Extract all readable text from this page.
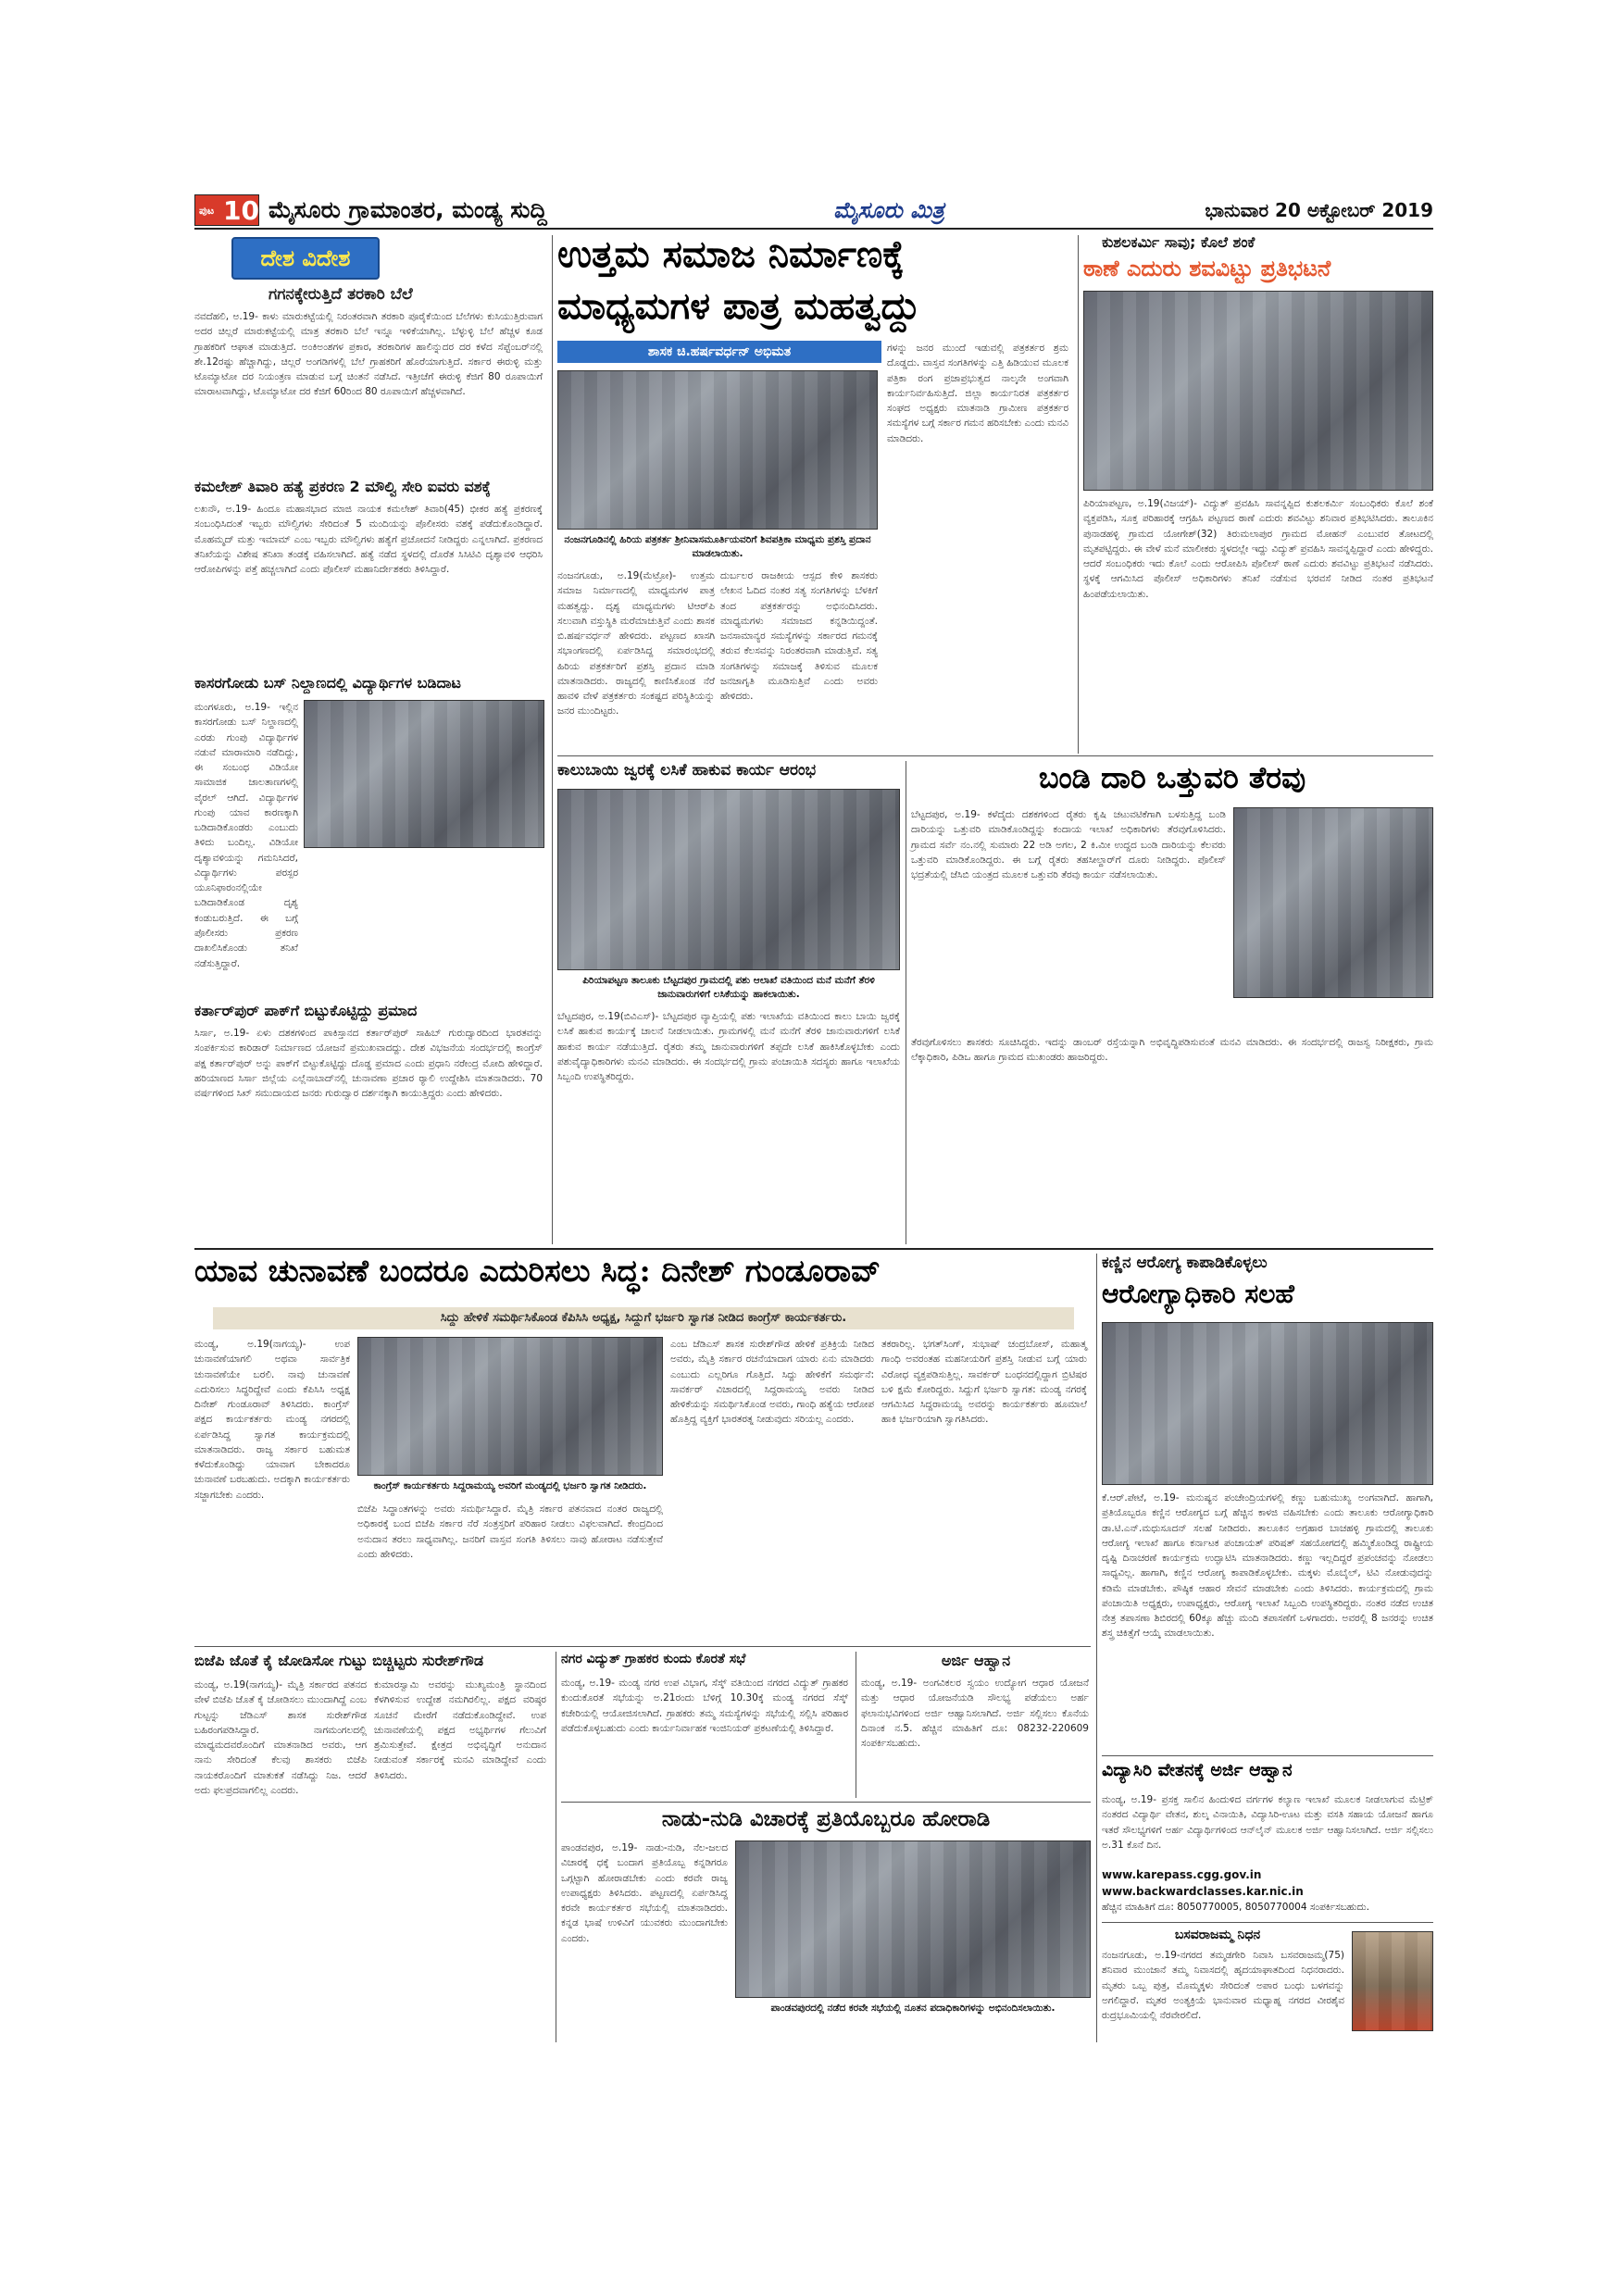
ಪುಟ 10 ಮೈಸೂರು ಗ್ರಾಮಾಂತರ, ಮಂಡ್ಯ ಸುದ್ದಿ	ಮೈಸೂರು ಮಿತ್ರ	ಭಾನುವಾರ 20 ಅಕ್ಟೋಬರ್ 2019
ದೇಶ ವಿದೇಶ
ಗಗನಕ್ಕೇರುತ್ತಿದೆ ತರಕಾರಿ ಬೆಲೆ
ನವದೆಹಲಿ, ಅ.19- ಕಾಳು ಮಾರುಕಟ್ಟೆಯಲ್ಲಿ ನಿರಂತರವಾಗಿ ತರಕಾರಿ ಪೂರೈಕೆಯಿಂದ ಬೆಲೆಗಳು ಕುಸಿಯುತ್ತಿರುವಾಗ ಅದರ ಚಿಲ್ಲರೆ ಮಾರುಕಟ್ಟೆಯಲ್ಲಿ ಮಾತ್ರ ತರಕಾರಿ ಬೆಲೆ ಇನ್ನೂ ಇಳಿಕೆಯಾಗಿಲ್ಲ. ಬೆಳ್ಳುಳ್ಳಿ ಬೆಲೆ ಹೆಚ್ಚಳ ಕೂಡ ಗ್ರಾಹಕರಿಗೆ ಆಘಾತ ಮಾಡುತ್ತಿದೆ. ಅಂಕಿಅಂಶಗಳ ಪ್ರಕಾರ, ತರಕಾರಿಗಳ ಹಾಲಿನ್ನುದರ ದರ ಕಳೆದ ಸೆಪ್ಟೆಂಬರ್‌ನಲ್ಲಿ ಶೇ.12ರಷ್ಟು ಹೆಚ್ಚಾಗಿದ್ದು, ಚಿಲ್ಲರೆ ಅಂಗಡಿಗಳಲ್ಲಿ ಬೆಲೆ ಗ್ರಾಹಕರಿಗೆ ಹೊರೆಯಾಗುತ್ತಿದೆ. ಸರ್ಕಾರ ಈರುಳ್ಳಿ ಮತ್ತು ಟೊಮ್ಯಾಟೋ ದರ ನಿಯಂತ್ರಣ ಮಾಡುವ ಬಗ್ಗೆ ಚಿಂತನೆ ನಡೆಸಿದೆ. ಇತ್ತೀಚೆಗೆ ಈರುಳ್ಳಿ ಕೆಜಿಗೆ 80 ರೂಪಾಯಿಗೆ ಮಾರಾಟವಾಗಿದ್ದು, ಟೊಮ್ಯಾಟೋ ದರ ಕೆಜಿಗೆ 60ರಿಂದ 80 ರೂಪಾಯಿಗೆ ಹೆಚ್ಚಳವಾಗಿದೆ.
ಕಮಲೇಶ್ ತಿವಾರಿ ಹತ್ಯೆ ಪ್ರಕರಣ 2 ಮೌಲ್ವಿ ಸೇರಿ ಐವರು ವಶಕ್ಕೆ
ಲಖನೌ, ಅ.19- ಹಿಂದೂ ಮಹಾಸಭಾದ ಮಾಜಿ ನಾಯಕ ಕಮಲೇಶ್ ತಿವಾರಿ(45) ಭೀಕರ ಹತ್ಯೆ ಪ್ರಕರಣಕ್ಕೆ ಸಂಬಂಧಿಸಿದಂತೆ ಇಬ್ಬರು ಮೌಲ್ವಿಗಳು ಸೇರಿದಂತೆ 5 ಮಂದಿಯನ್ನು ಪೊಲೀಸರು ವಶಕ್ಕೆ ಪಡೆದುಕೊಂಡಿದ್ದಾರೆ. ಮೊಹಮ್ಮದ್ ಮತ್ತು ಇಮಾಮ್ ಎಂಬ ಇಬ್ಬರು ಮೌಲ್ವಿಗಳು ಹತ್ಯೆಗೆ ಪ್ರಚೋದನೆ ನೀಡಿದ್ದರು ಎನ್ನಲಾಗಿದೆ. ಪ್ರಕರಣದ ತನಿಖೆಯನ್ನು ವಿಶೇಷ ತನಿಖಾ ತಂಡಕ್ಕೆ ವಹಿಸಲಾಗಿದೆ. ಹತ್ಯೆ ನಡೆದ ಸ್ಥಳದಲ್ಲಿ ದೊರೆತ ಸಿಸಿಟಿವಿ ದೃಶ್ಯಾವಳಿ ಆಧರಿಸಿ ಆರೋಪಿಗಳನ್ನು ಪತ್ತೆ ಹಚ್ಚಲಾಗಿದೆ ಎಂದು ಪೊಲೀಸ್ ಮಹಾನಿರ್ದೇಶಕರು ತಿಳಿಸಿದ್ದಾರೆ.
ಕಾಸರಗೋಡು ಬಸ್ ನಿಲ್ದಾಣದಲ್ಲಿ ವಿದ್ಯಾರ್ಥಿಗಳ ಬಡಿದಾಟ
ಮಂಗಳೂರು, ಅ.19- ಇಲ್ಲಿನ ಕಾಸರಗೋಡು ಬಸ್ ನಿಲ್ದಾಣದಲ್ಲಿ ಎರಡು ಗುಂಪು ವಿದ್ಯಾರ್ಥಿಗಳ ನಡುವೆ ಮಾರಾಮಾರಿ ನಡೆದಿದ್ದು, ಈ ಸಂಬಂಧ ವಿಡಿಯೋ ಸಾಮಾಜಿಕ ಜಾಲತಾಣಗಳಲ್ಲಿ ವೈರಲ್ ಆಗಿದೆ. ವಿದ್ಯಾರ್ಥಿಗಳ ಗುಂಪು ಯಾವ ಕಾರಣಕ್ಕಾಗಿ ಬಡಿದಾಡಿಕೊಂಡರು ಎಂಬುದು ತಿಳಿದು ಬಂದಿಲ್ಲ. ವಿಡಿಯೋ ದೃಶ್ಯಾವಳಿಯನ್ನು ಗಮನಿಸಿದರೆ, ವಿದ್ಯಾರ್ಥಿಗಳು ಪರಸ್ಪರ ಯೂನಿಫಾರಂನಲ್ಲಿಯೇ ಬಡಿದಾಡಿಕೊಂಡ ದೃಶ್ಯ ಕಂಡುಬರುತ್ತಿದೆ. ಈ ಬಗ್ಗೆ ಪೊಲೀಸರು ಪ್ರಕರಣ ದಾಖಲಿಸಿಕೊಂಡು ತನಿಖೆ ನಡೆಸುತ್ತಿದ್ದಾರೆ.
ಕರ್ತಾರ್‌ಪುರ್ ಪಾಕ್‌ಗೆ ಬಿಟ್ಟುಕೊಟ್ಟಿದ್ದು ಪ್ರಮಾದ
ಸಿರ್ಸಾ, ಅ.19- ಏಳು ದಶಕಗಳಿಂದ ಪಾಕಿಸ್ತಾನದ ಕರ್ತಾರ್‌ಪುರ್ ಸಾಹಿಬ್ ಗುರುದ್ವಾರದಿಂದ ಭಾರತವನ್ನು ಸಂಪರ್ಕಿಸುವ ಕಾರಿಡಾರ್ ನಿರ್ಮಾಣದ ಯೋಜನೆ ಪ್ರಮುಖವಾದದ್ದು. ದೇಶ ವಿಭಜನೆಯ ಸಂದರ್ಭದಲ್ಲಿ ಕಾಂಗ್ರೆಸ್ ಪಕ್ಷ ಕರ್ತಾರ್‌ಪುರ್ ಅನ್ನು ಪಾಕ್‌ಗೆ ಬಿಟ್ಟುಕೊಟ್ಟಿದ್ದು ದೊಡ್ಡ ಪ್ರಮಾದ ಎಂದು ಪ್ರಧಾನಿ ನರೇಂದ್ರ ಮೋದಿ ಹೇಳಿದ್ದಾರೆ. ಹರಿಯಾಣದ ಸಿರ್ಸಾ ಜಿಲ್ಲೆಯ ಎಲ್ಲೆನಾಬಾದ್‌ನಲ್ಲಿ ಚುನಾವಣಾ ಪ್ರಚಾರ ರ್‍ಯಾಲಿ ಉದ್ದೇಶಿಸಿ ಮಾತನಾಡಿದರು. 70 ವರ್ಷಗಳಿಂದ ಸಿಖ್ ಸಮುದಾಯದ ಜನರು ಗುರುದ್ವಾರ ದರ್ಶನಕ್ಕಾಗಿ ಕಾಯುತ್ತಿದ್ದರು ಎಂದು ಹೇಳಿದರು.
ಉತ್ತಮ ಸಮಾಜ ನಿರ್ಮಾಣಕ್ಕೆ
ಮಾಧ್ಯಮಗಳ ಪಾತ್ರ ಮಹತ್ವದ್ದು
ಶಾಸಕ ಚಿ.ಹರ್ಷವರ್ಧನ್ ಅಭಿಮತ
ನಂಜನಗೂಡಿನಲ್ಲಿ ಹಿರಿಯ ಪತ್ರಕರ್ತ ಶ್ರೀನಿವಾಸಮೂರ್ತಿಯವರಿಗೆ ಶಿವಪತ್ರಿಕಾ ಮಾಧ್ಯಮ ಪ್ರಶಸ್ತಿ ಪ್ರದಾನ ಮಾಡಲಾಯಿತು.
ನಂಜನಗೂಡು, ಅ.19(ಮೆಟ್ರೋ)- ಉತ್ತಮ ಸಮಾಜ ನಿರ್ಮಾಣದಲ್ಲಿ ಮಾಧ್ಯಮಗಳ ಪಾತ್ರ ಮಹತ್ವದ್ದು. ದೃಶ್ಯ ಮಾಧ್ಯಮಗಳು ಟಿಆರ್‌ಪಿ ಸಲುವಾಗಿ ವಸ್ತುಸ್ಥಿತಿ ಮರೆಮಾಚುತ್ತಿವೆ ಎಂದು ಶಾಸಕ ಬಿ.ಹರ್ಷವರ್ಧನ್ ಹೇಳಿದರು. ಪಟ್ಟಣದ ಖಾಸಗಿ ಸಭಾಂಗಣದಲ್ಲಿ ಏರ್ಪಡಿಸಿದ್ದ ಸಮಾರಂಭದಲ್ಲಿ ಹಿರಿಯ ಪತ್ರಕರ್ತರಿಗೆ ಪ್ರಶಸ್ತಿ ಪ್ರದಾನ ಮಾಡಿ ಮಾತನಾಡಿದರು. ರಾಜ್ಯದಲ್ಲಿ ಕಾಣಿಸಿಕೊಂಡ ನೆರೆ ಹಾವಳಿ ವೇಳೆ ಪತ್ರಕರ್ತರು ಸಂಕಷ್ಟದ ಪರಿಸ್ಥಿತಿಯನ್ನು ಜನರ ಮುಂದಿಟ್ಟರು.
ದುರ್ಬಲರ ರಾಜಕೀಯ ಆಸ್ಪದ ಕೇಳಿ ಶಾಸಕರು ಲೇಖನ ಓದಿದ ನಂತರ ಸತ್ಯ ಸಂಗತಿಗಳನ್ನು ಬೆಳಕಿಗೆ ತಂದ ಪತ್ರಕರ್ತರನ್ನು ಅಭಿನಂದಿಸಿದರು. ಮಾಧ್ಯಮಗಳು ಸಮಾಜದ ಕನ್ನಡಿಯಿದ್ದಂತೆ. ಜನಸಾಮಾನ್ಯರ ಸಮಸ್ಯೆಗಳನ್ನು ಸರ್ಕಾರದ ಗಮನಕ್ಕೆ ತರುವ ಕೆಲಸವನ್ನು ನಿರಂತರವಾಗಿ ಮಾಡುತ್ತಿವೆ. ಸತ್ಯ ಸಂಗತಿಗಳನ್ನು ಸಮಾಜಕ್ಕೆ ತಿಳಿಸುವ ಮೂಲಕ ಜನಜಾಗೃತಿ ಮೂಡಿಸುತ್ತಿವೆ ಎಂದು ಅವರು ಹೇಳಿದರು.
ಗಳನ್ನು ಜನರ ಮುಂದೆ ಇಡುವಲ್ಲಿ ಪತ್ರಕರ್ತರ ಶ್ರಮ ದೊಡ್ಡದು. ವಾಸ್ತವ ಸಂಗತಿಗಳನ್ನು ಎತ್ತಿ ಹಿಡಿಯುವ ಮೂಲಕ ಪತ್ರಿಕಾ ರಂಗ ಪ್ರಜಾಪ್ರಭುತ್ವದ ನಾಲ್ಕನೇ ಅಂಗವಾಗಿ ಕಾರ್ಯನಿರ್ವಹಿಸುತ್ತಿದೆ. ಜಿಲ್ಲಾ ಕಾರ್ಯನಿರತ ಪತ್ರಕರ್ತರ ಸಂಘದ ಅಧ್ಯಕ್ಷರು ಮಾತನಾಡಿ ಗ್ರಾಮೀಣ ಪತ್ರಕರ್ತರ ಸಮಸ್ಯೆಗಳ ಬಗ್ಗೆ ಸರ್ಕಾರ ಗಮನ ಹರಿಸಬೇಕು ಎಂದು ಮನವಿ ಮಾಡಿದರು.
ಕುಶಲಕರ್ಮಿ ಸಾವು; ಕೊಲೆ ಶಂಕೆ
ಠಾಣೆ ಎದುರು ಶವವಿಟ್ಟು ಪ್ರತಿಭಟನೆ
ಪಿರಿಯಾಪಟ್ಟಣ, ಅ.19(ವಿಜಯ್)- ವಿದ್ಯುತ್ ಪ್ರವಹಿಸಿ ಸಾವನ್ನಪ್ಪಿದ ಕುಶಲಕರ್ಮಿ ಸಂಬಂಧಿಕರು ಕೊಲೆ ಶಂಕೆ ವ್ಯಕ್ತಪಡಿಸಿ, ಸೂಕ್ತ ಪರಿಹಾರಕ್ಕೆ ಆಗ್ರಹಿಸಿ ಪಟ್ಟಣದ ಠಾಣೆ ಎದುರು ಶವವಿಟ್ಟು ಶನಿವಾರ ಪ್ರತಿಭಟಿಸಿದರು. ತಾಲೂಕಿನ ಪುನಾಡಹಳ್ಳಿ ಗ್ರಾಮದ ಯೋಗೇಶ್(32) ತಿರುಮಲಾಪುರ ಗ್ರಾಮದ ಮೋಹನ್ ಎಂಬುವರ ತೋಟದಲ್ಲಿ ಮೃತಪಟ್ಟಿದ್ದರು. ಈ ವೇಳೆ ಮನೆ ಮಾಲೀಕರು ಸ್ಥಳದಲ್ಲೇ ಇದ್ದು ವಿದ್ಯುತ್ ಪ್ರವಹಿಸಿ ಸಾವನ್ನಪ್ಪಿದ್ದಾರೆ ಎಂದು ಹೇಳಿದ್ದರು. ಆದರೆ ಸಂಬಂಧಿಕರು ಇದು ಕೊಲೆ ಎಂದು ಆರೋಪಿಸಿ ಪೊಲೀಸ್ ಠಾಣೆ ಎದುರು ಶವವಿಟ್ಟು ಪ್ರತಿಭಟನೆ ನಡೆಸಿದರು. ಸ್ಥಳಕ್ಕೆ ಆಗಮಿಸಿದ ಪೊಲೀಸ್ ಅಧಿಕಾರಿಗಳು ತನಿಖೆ ನಡೆಸುವ ಭರವಸೆ ನೀಡಿದ ನಂತರ ಪ್ರತಿಭಟನೆ ಹಿಂಪಡೆಯಲಾಯಿತು.
ಕಾಲುಬಾಯಿ ಜ್ವರಕ್ಕೆ ಲಸಿಕೆ ಹಾಕುವ ಕಾರ್ಯ ಆರಂಭ
ಪಿರಿಯಾಪಟ್ಟಣ ತಾಲೂಕು ಬೆಟ್ಟದಪುರ ಗ್ರಾಮದಲ್ಲಿ ಪಶು ಆಲಾಖೆ ವತಿಯಿಂದ ಮನೆ ಮನೆಗೆ ತೆರಳಿ ಜಾನುವಾರುಗಳಿಗೆ ಲಸಿಕೆಯನ್ನು ಹಾಕಲಾಯಿತು.
ಬೆಟ್ಟದಪುರ, ಅ.19(ಬಿವಿಎಸ್)- ಬೆಟ್ಟದಪುರ ವ್ಯಾಪ್ತಿಯಲ್ಲಿ ಪಶು ಇಲಾಖೆಯ ವತಿಯಿಂದ ಕಾಲು ಬಾಯಿ ಜ್ವರಕ್ಕೆ ಲಸಿಕೆ ಹಾಕುವ ಕಾರ್ಯಕ್ಕೆ ಚಾಲನೆ ನೀಡಲಾಯಿತು. ಗ್ರಾಮಗಳಲ್ಲಿ ಮನೆ ಮನೆಗೆ ತೆರಳಿ ಜಾನುವಾರುಗಳಿಗೆ ಲಸಿಕೆ ಹಾಕುವ ಕಾರ್ಯ ನಡೆಯುತ್ತಿದೆ. ರೈತರು ತಮ್ಮ ಜಾನುವಾರುಗಳಿಗೆ ತಪ್ಪದೇ ಲಸಿಕೆ ಹಾಕಿಸಿಕೊಳ್ಳಬೇಕು ಎಂದು ಪಶುವೈದ್ಯಾಧಿಕಾರಿಗಳು ಮನವಿ ಮಾಡಿದರು. ಈ ಸಂದರ್ಭದಲ್ಲಿ ಗ್ರಾಮ ಪಂಚಾಯಿತಿ ಸದಸ್ಯರು ಹಾಗೂ ಇಲಾಖೆಯ ಸಿಬ್ಬಂದಿ ಉಪಸ್ಥಿತರಿದ್ದರು.
ಬಂಡಿ ದಾರಿ ಒತ್ತುವರಿ ತೆರವು
ಬೆಟ್ಟದಪುರ, ಅ.19- ಕಳೆದೈದು ದಶಕಗಳಿಂದ ರೈತರು ಕೃಷಿ ಚಟುವಟಿಕೆಗಾಗಿ ಬಳಸುತ್ತಿದ್ದ ಬಂಡಿ ದಾರಿಯನ್ನು ಒತ್ತುವರಿ ಮಾಡಿಕೊಂಡಿದ್ದನ್ನು ಕಂದಾಯ ಇಲಾಖೆ ಅಧಿಕಾರಿಗಳು ತೆರವುಗೊಳಿಸಿದರು. ಗ್ರಾಮದ ಸರ್ವೆ ನಂ.ನಲ್ಲಿ ಸುಮಾರು 22 ಅಡಿ ಅಗಲ, 2 ಕಿ.ಮೀ ಉದ್ದದ ಬಂಡಿ ದಾರಿಯನ್ನು ಕೆಲವರು ಒತ್ತುವರಿ ಮಾಡಿಕೊಂಡಿದ್ದರು. ಈ ಬಗ್ಗೆ ರೈತರು ತಹಸೀಲ್ದಾರ್‌ಗೆ ದೂರು ನೀಡಿದ್ದರು. ಪೊಲೀಸ್ ಭದ್ರತೆಯಲ್ಲಿ ಜೆಸಿಬಿ ಯಂತ್ರದ ಮೂಲಕ ಒತ್ತುವರಿ ತೆರವು ಕಾರ್ಯ ನಡೆಸಲಾಯಿತು.
ತೆರವುಗೊಳಿಸಲು ಶಾಸಕರು ಸೂಚಿಸಿದ್ದರು. ಇದನ್ನು ಡಾಂಬರ್ ರಸ್ತೆಯನ್ನಾಗಿ ಅಭಿವೃದ್ಧಿಪಡಿಸುವಂತೆ ಮನವಿ ಮಾಡಿದರು. ಈ ಸಂದರ್ಭದಲ್ಲಿ ರಾಜಸ್ವ ನಿರೀಕ್ಷಕರು, ಗ್ರಾಮ ಲೆಕ್ಕಾಧಿಕಾರಿ, ಪಿಡಿಒ ಹಾಗೂ ಗ್ರಾಮದ ಮುಖಂಡರು ಹಾಜರಿದ್ದರು.
ಯಾವ ಚುನಾವಣೆ ಬಂದರೂ ಎದುರಿಸಲು ಸಿದ್ಧ: ದಿನೇಶ್ ಗುಂಡೂರಾವ್
ಸಿದ್ದು ಹೇಳಿಕೆ ಸಮರ್ಥಿಸಿಕೊಂಡ ಕೆಪಿಸಿಸಿ ಅಧ್ಯಕ್ಷ, ಸಿದ್ದುಗೆ ಭರ್ಜರಿ ಸ್ವಾಗತ ನೀಡಿದ ಕಾಂಗ್ರೆಸ್ ಕಾರ್ಯಕರ್ತರು.
ಮಂಡ್ಯ, ಅ.19(ನಾಗಯ್ಯ)- ಉಪ ಚುನಾವಣೆಯಾಗಲಿ ಅಥವಾ ಸಾರ್ವತ್ರಿಕ ಚುನಾವಣೆಯೇ ಬರಲಿ. ನಾವು ಚುನಾವಣೆ ಎದುರಿಸಲು ಸಿದ್ಧರಿದ್ದೇವೆ ಎಂದು ಕೆಪಿಸಿಸಿ ಅಧ್ಯಕ್ಷ ದಿನೇಶ್ ಗುಂಡೂರಾವ್ ತಿಳಿಸಿದರು. ಕಾಂಗ್ರೆಸ್ ಪಕ್ಷದ ಕಾರ್ಯಕರ್ತರು ಮಂಡ್ಯ ನಗರದಲ್ಲಿ ಏರ್ಪಡಿಸಿದ್ದ ಸ್ವಾಗತ ಕಾರ್ಯಕ್ರಮದಲ್ಲಿ ಮಾತನಾಡಿದರು. ರಾಜ್ಯ ಸರ್ಕಾರ ಬಹುಮತ ಕಳೆದುಕೊಂಡಿದ್ದು ಯಾವಾಗ ಬೇಕಾದರೂ ಚುನಾವಣೆ ಬರಬಹುದು. ಅದಕ್ಕಾಗಿ ಕಾರ್ಯಕರ್ತರು ಸಜ್ಜಾಗಬೇಕು ಎಂದರು.
ಕಾಂಗ್ರೆಸ್ ಕಾರ್ಯಕರ್ತರು ಸಿದ್ದರಾಮಯ್ಯ ಅವರಿಗೆ ಮಂಡ್ಯದಲ್ಲಿ ಭರ್ಜರಿ ಸ್ವಾಗತ ನೀಡಿದರು.
ಬಿಜೆಪಿ ಸಿದ್ಧಾಂತಗಳನ್ನು ಅವರು ಸಮರ್ಥಿಸಿದ್ದಾರೆ. ಮೈತ್ರಿ ಸರ್ಕಾರ ಪತನವಾದ ನಂತರ ರಾಜ್ಯದಲ್ಲಿ ಅಧಿಕಾರಕ್ಕೆ ಬಂದ ಬಿಜೆಪಿ ಸರ್ಕಾರ ನೆರೆ ಸಂತ್ರಸ್ತರಿಗೆ ಪರಿಹಾರ ನೀಡಲು ವಿಫಲವಾಗಿದೆ. ಕೇಂದ್ರದಿಂದ ಅನುದಾನ ತರಲು ಸಾಧ್ಯವಾಗಿಲ್ಲ. ಜನರಿಗೆ ವಾಸ್ತವ ಸಂಗತಿ ತಿಳಿಸಲು ನಾವು ಹೋರಾಟ ನಡೆಸುತ್ತೇವೆ ಎಂದು ಹೇಳಿದರು.
ಎಂಬ ಜೆಡಿಎಸ್ ಶಾಸಕ ಸುರೇಶ್‌ಗೌಡ ಹೇಳಿಕೆ ಪ್ರತಿಕ್ರಿಯೆ ನೀಡಿದ ಅವರು, ಮೈತ್ರಿ ಸರ್ಕಾರ ರಚನೆಯಾದಾಗ ಯಾರು ಏನು ಮಾಡಿದರು ಎಂಬುದು ಎಲ್ಲರಿಗೂ ಗೊತ್ತಿದೆ. ಸಿದ್ದು ಹೇಳಿಕೆಗೆ ಸಮರ್ಥನೆ: ಸಾವರ್ಕರ್ ವಿಚಾರದಲ್ಲಿ ಸಿದ್ದರಾಮಯ್ಯ ಅವರು ನೀಡಿದ ಹೇಳಿಕೆಯನ್ನು ಸಮರ್ಥಿಸಿಕೊಂಡ ಅವರು, ಗಾಂಧಿ ಹತ್ಯೆಯ ಆರೋಪ ಹೊತ್ತಿದ್ದ ವ್ಯಕ್ತಿಗೆ ಭಾರತರತ್ನ ನೀಡುವುದು ಸರಿಯಲ್ಲ ಎಂದರು.
ತಕರಾರಿಲ್ಲ. ಭಗತ್‌ಸಿಂಗ್, ಸುಭಾಷ್ ಚಂದ್ರಬೋಸ್, ಮಹಾತ್ಮ ಗಾಂಧಿ ಅವರಂತಹ ಮಹನೀಯರಿಗೆ ಪ್ರಶಸ್ತಿ ನೀಡುವ ಬಗ್ಗೆ ಯಾರು ವಿರೋಧ ವ್ಯಕ್ತಪಡಿಸುತ್ತಿಲ್ಲ. ಸಾವರ್ಕರ್ ಬಂಧನದಲ್ಲಿದ್ದಾಗ ಬ್ರಿಟಿಷರ ಬಳಿ ಕ್ಷಮೆ ಕೋರಿದ್ದರು. ಸಿದ್ದುಗೆ ಭರ್ಜರಿ ಸ್ವಾಗತ: ಮಂಡ್ಯ ನಗರಕ್ಕೆ ಆಗಮಿಸಿದ ಸಿದ್ದರಾಮಯ್ಯ ಅವರನ್ನು ಕಾರ್ಯಕರ್ತರು ಹೂಮಾಲೆ ಹಾಕಿ ಭರ್ಜರಿಯಾಗಿ ಸ್ವಾಗತಿಸಿದರು.
ಕಣ್ಣಿನ ಆರೋಗ್ಯ ಕಾಪಾಡಿಕೊಳ್ಳಲು
ಆರೋಗ್ಯಾಧಿಕಾರಿ ಸಲಹೆ
ಕೆ.ಆರ್.ಪೇಟೆ, ಅ.19- ಮನುಷ್ಯನ ಪಂಚೇಂದ್ರಿಯಗಳಲ್ಲಿ ಕಣ್ಣು ಬಹುಮುಖ್ಯ ಅಂಗವಾಗಿದೆ. ಹಾಗಾಗಿ, ಪ್ರತಿಯೊಬ್ಬರೂ ಕಣ್ಣಿನ ಆರೋಗ್ಯದ ಬಗ್ಗೆ ಹೆಚ್ಚಿನ ಕಾಳಜಿ ವಹಿಸಬೇಕು ಎಂದು ತಾಲೂಕು ಆರೋಗ್ಯಾಧಿಕಾರಿ ಡಾ.ಟಿ.ಎನ್.ಮಧುಸೂದನ್ ಸಲಹೆ ನೀಡಿದರು. ತಾಲೂಕಿನ ಅಗ್ರಹಾರ ಬಾಚಹಳ್ಳಿ ಗ್ರಾಮದಲ್ಲಿ ತಾಲೂಕು ಆರೋಗ್ಯ ಇಲಾಖೆ ಹಾಗೂ ಕರ್ನಾಟಕ ಪಂಚಾಯತ್ ಪರಿಷತ್ ಸಹಯೋಗದಲ್ಲಿ ಹಮ್ಮಿಕೊಂಡಿದ್ದ ರಾಷ್ಟ್ರೀಯ ದೃಷ್ಟಿ ದಿನಾಚರಣೆ ಕಾರ್ಯಕ್ರಮ ಉದ್ಘಾಟಿಸಿ ಮಾತನಾಡಿದರು. ಕಣ್ಣು ಇಲ್ಲದಿದ್ದರೆ ಪ್ರಪಂಚವನ್ನು ನೋಡಲು ಸಾಧ್ಯವಿಲ್ಲ. ಹಾಗಾಗಿ, ಕಣ್ಣಿನ ಆರೋಗ್ಯ ಕಾಪಾಡಿಕೊಳ್ಳಬೇಕು. ಮಕ್ಕಳು ಮೊಬೈಲ್, ಟಿವಿ ನೋಡುವುದನ್ನು ಕಡಿಮೆ ಮಾಡಬೇಕು. ಪೌಷ್ಠಿಕ ಆಹಾರ ಸೇವನೆ ಮಾಡಬೇಕು ಎಂದು ತಿಳಿಸಿದರು. ಕಾರ್ಯಕ್ರಮದಲ್ಲಿ ಗ್ರಾಮ ಪಂಚಾಯಿತಿ ಅಧ್ಯಕ್ಷರು, ಉಪಾಧ್ಯಕ್ಷರು, ಆರೋಗ್ಯ ಇಲಾಖೆ ಸಿಬ್ಬಂದಿ ಉಪಸ್ಥಿತರಿದ್ದರು. ನಂತರ ನಡೆದ ಉಚಿತ ನೇತ್ರ ತಪಾಸಣಾ ಶಿಬಿರದಲ್ಲಿ 60ಕ್ಕೂ ಹೆಚ್ಚು ಮಂದಿ ತಪಾಸಣೆಗೆ ಒಳಗಾದರು. ಅವರಲ್ಲಿ 8 ಜನರನ್ನು ಉಚಿತ ಶಸ್ತ್ರ ಚಿಕಿತ್ಸೆಗೆ ಆಯ್ಕೆ ಮಾಡಲಾಯಿತು.
ಬಿಜೆಪಿ ಜೊತೆ ಕೈ ಜೋಡಿಸೋ ಗುಟ್ಟು ಬಿಚ್ಚಿಟ್ಟರು ಸುರೇಶ್‌ಗೌಡ
ಮಂಡ್ಯ, ಅ.19(ನಾಗಯ್ಯ)- ಮೈತ್ರಿ ಸರ್ಕಾರದ ಪತನದ ವೇಳೆ ಬಿಜೆಪಿ ಜೊತೆ ಕೈ ಜೋಡಿಸಲು ಮುಂದಾಗಿದ್ದೆ ಎಂಬ ಗುಟ್ಟನ್ನು ಜೆಡಿಎಸ್ ಶಾಸಕ ಸುರೇಶ್‌ಗೌಡ ಬಹಿರಂಗಪಡಿಸಿದ್ದಾರೆ. ನಾಗಮಂಗಲದಲ್ಲಿ ಮಾಧ್ಯಮದವರೊಂದಿಗೆ ಮಾತನಾಡಿದ ಅವರು, ಆಗ ನಾನು ಸೇರಿದಂತೆ ಕೆಲವು ಶಾಸಕರು ಬಿಜೆಪಿ ನಾಯಕರೊಂದಿಗೆ ಮಾತುಕತೆ ನಡೆಸಿದ್ದು ನಿಜ. ಆದರೆ ಅದು ಫಲಪ್ರದವಾಗಲಿಲ್ಲ ಎಂದರು.
ಕುಮಾರಸ್ವಾಮಿ ಅವರನ್ನು ಮುಖ್ಯಮಂತ್ರಿ ಸ್ಥಾನದಿಂದ ಕೆಳಗಿಳಿಸುವ ಉದ್ದೇಶ ನಮಗಿರಲಿಲ್ಲ. ಪಕ್ಷದ ವರಿಷ್ಠರ ಸೂಚನೆ ಮೇರೆಗೆ ನಡೆದುಕೊಂಡಿದ್ದೇವೆ. ಉಪ ಚುನಾವಣೆಯಲ್ಲಿ ಪಕ್ಷದ ಅಭ್ಯರ್ಥಿಗಳ ಗೆಲುವಿಗೆ ಶ್ರಮಿಸುತ್ತೇವೆ. ಕ್ಷೇತ್ರದ ಅಭಿವೃದ್ಧಿಗೆ ಅನುದಾನ ನೀಡುವಂತೆ ಸರ್ಕಾರಕ್ಕೆ ಮನವಿ ಮಾಡಿದ್ದೇವೆ ಎಂದು ತಿಳಿಸಿದರು.
ನಗರ ವಿದ್ಯುತ್ ಗ್ರಾಹಕರ ಕುಂದು ಕೊರತೆ ಸಭೆ
ಮಂಡ್ಯ, ಅ.19- ಮಂಡ್ಯ ನಗರ ಉಪ ವಿಭಾಗ, ಸೆಸ್ಕ್ ವತಿಯಿಂದ ನಗರದ ವಿದ್ಯುತ್ ಗ್ರಾಹಕರ ಕುಂದುಕೊರತೆ ಸಭೆಯನ್ನು ಅ.21ರಂದು ಬೆಳಿಗ್ಗೆ 10.30ಕ್ಕೆ ಮಂಡ್ಯ ನಗರದ ಸೆಸ್ಕ್ ಕಚೇರಿಯಲ್ಲಿ ಆಯೋಜಿಸಲಾಗಿದೆ. ಗ್ರಾಹಕರು ತಮ್ಮ ಸಮಸ್ಯೆಗಳನ್ನು ಸಭೆಯಲ್ಲಿ ಸಲ್ಲಿಸಿ ಪರಿಹಾರ ಪಡೆದುಕೊಳ್ಳಬಹುದು ಎಂದು ಕಾರ್ಯನಿರ್ವಾಹಕ ಇಂಜಿನಿಯರ್ ಪ್ರಕಟಣೆಯಲ್ಲಿ ತಿಳಿಸಿದ್ದಾರೆ.
ಅರ್ಜಿ ಆಹ್ವಾನ
ಮಂಡ್ಯ, ಅ.19- ಅಂಗವಿಕಲರ ಸ್ವಯಂ ಉದ್ಯೋಗ ಆಧಾರ ಯೋಜನೆ ಮತ್ತು ಆಧಾರ ಯೋಜನೆಯಡಿ ಸೌಲಭ್ಯ ಪಡೆಯಲು ಅರ್ಹ ಫಲಾನುಭವಿಗಳಿಂದ ಅರ್ಜಿ ಆಹ್ವಾನಿಸಲಾಗಿದೆ. ಅರ್ಜಿ ಸಲ್ಲಿಸಲು ಕೊನೆಯ ದಿನಾಂಕ ನ.5. ಹೆಚ್ಚಿನ ಮಾಹಿತಿಗೆ ದೂ: 08232-220609 ಸಂಪರ್ಕಿಸಬಹುದು.
ನಾಡು-ನುಡಿ ವಿಚಾರಕ್ಕೆ ಪ್ರತಿಯೊಬ್ಬರೂ ಹೋರಾಡಿ
ಪಾಂಡವಪುರ, ಅ.19- ನಾಡು-ನುಡಿ, ನೆಲ-ಜಲದ ವಿಚಾರಕ್ಕೆ ಧಕ್ಕೆ ಬಂದಾಗ ಪ್ರತಿಯೊಬ್ಬ ಕನ್ನಡಿಗರೂ ಒಗ್ಗಟ್ಟಾಗಿ ಹೋರಾಡಬೇಕು ಎಂದು ಕರವೇ ರಾಜ್ಯ ಉಪಾಧ್ಯಕ್ಷರು ತಿಳಿಸಿದರು. ಪಟ್ಟಣದಲ್ಲಿ ಏರ್ಪಡಿಸಿದ್ದ ಕರವೇ ಕಾರ್ಯಕರ್ತರ ಸಭೆಯಲ್ಲಿ ಮಾತನಾಡಿದರು. ಕನ್ನಡ ಭಾಷೆ ಉಳಿವಿಗೆ ಯುವಕರು ಮುಂದಾಗಬೇಕು ಎಂದರು.
ಪಾಂಡವಪುರದಲ್ಲಿ ನಡೆದ ಕರವೇ ಸಭೆಯಲ್ಲಿ ನೂತನ ಪದಾಧಿಕಾರಿಗಳನ್ನು ಅಭಿನಂದಿಸಲಾಯಿತು.
ವಿದ್ಯಾಸಿರಿ ವೇತನಕ್ಕೆ ಅರ್ಜಿ ಆಹ್ವಾನ
ಮಂಡ್ಯ, ಅ.19- ಪ್ರಸಕ್ತ ಸಾಲಿನ ಹಿಂದುಳಿದ ವರ್ಗಗಳ ಕಲ್ಯಾಣ ಇಲಾಖೆ ಮೂಲಕ ನೀಡಲಾಗುವ ಮೆಟ್ರಿಕ್ ನಂತರದ ವಿದ್ಯಾರ್ಥಿ ವೇತನ, ಶುಲ್ಕ ವಿನಾಯಿತಿ, ವಿದ್ಯಾಸಿರಿ-ಊಟ ಮತ್ತು ವಸತಿ ಸಹಾಯ ಯೋಜನೆ ಹಾಗೂ ಇತರೆ ಸೌಲಭ್ಯಗಳಿಗೆ ಅರ್ಹ ವಿದ್ಯಾರ್ಥಿಗಳಿಂದ ಆನ್‌ಲೈನ್ ಮೂಲಕ ಅರ್ಜಿ ಆಹ್ವಾನಿಸಲಾಗಿದೆ. ಅರ್ಜಿ ಸಲ್ಲಿಸಲು ಅ.31 ಕೊನೆ ದಿನ.
www.karepass.cgg.gov.in
www.backwardclasses.kar.nic.in
ಹೆಚ್ಚಿನ ಮಾಹಿತಿಗೆ ದೂ: 8050770005, 8050770004 ಸಂಪರ್ಕಿಸಬಹುದು.
ಬಸವರಾಜಮ್ಮ ನಿಧನ
ನಂಜನಗೂಡು, ಅ.19-ನಗರದ ತಮ್ಮಡಗೇರಿ ನಿವಾಸಿ ಬಸವರಾಜಮ್ಮ(75) ಶನಿವಾರ ಮುಂಜಾನೆ ತಮ್ಮ ನಿವಾಸದಲ್ಲಿ ಹೃದಯಾಘಾತದಿಂದ ನಿಧನರಾದರು. ಮೃತರು ಒಬ್ಬ ಪುತ್ರ, ಮೊಮ್ಮಕ್ಕಳು ಸೇರಿದಂತೆ ಅಪಾರ ಬಂಧು ಬಳಗವನ್ನು ಅಗಲಿದ್ದಾರೆ. ಮೃತರ ಅಂತ್ಯಕ್ರಿಯೆ ಭಾನುವಾರ ಮಧ್ಯಾಹ್ನ ನಗರದ ವೀರಶೈವ ರುದ್ರಭೂಮಿಯಲ್ಲಿ ನೆರವೇರಲಿದೆ.
